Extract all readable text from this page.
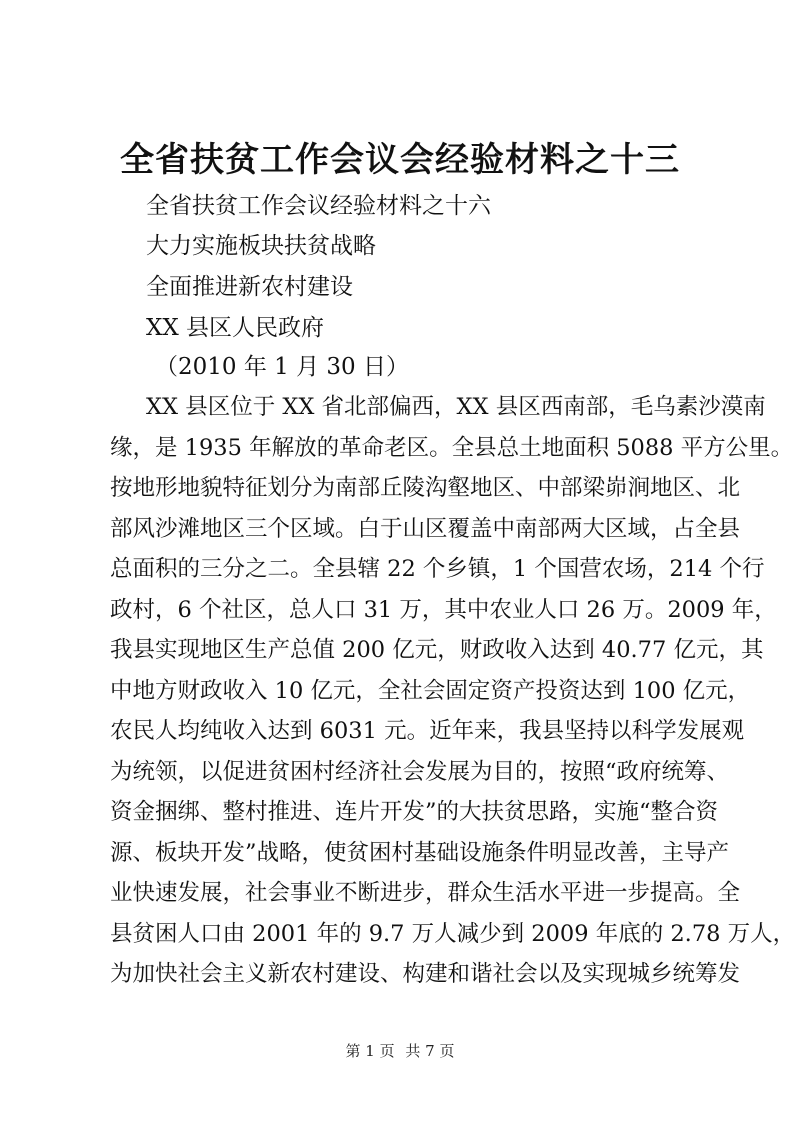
全省扶贫工作会议会经验材料之十三
全省扶贫工作会议经验材料之十六
大力实施板块扶贫战略
全面推进新农村建设
XX 县区人民政府
（2010 年 1 月 30 日）
XX 县区位于 XX 省北部偏西，XX 县区西南部，毛乌素沙漠南
缘，是 1935 年解放的革命老区。全县总土地面积 5088 平方公里。
按地形地貌特征划分为南部丘陵沟壑地区、中部梁峁涧地区、北
部风沙滩地区三个区域。白于山区覆盖中南部两大区域，占全县
总面积的三分之二。全县辖 22 个乡镇，1 个国营农场，214 个行
政村，6 个社区，总人口 31 万，其中农业人口 26 万。2009 年，
我县实现地区生产总值 200 亿元，财政收入达到 40.77 亿元，其
中地方财政收入 10 亿元，全社会固定资产投资达到 100 亿元，
农民人均纯收入达到 6031 元。近年来，我县坚持以科学发展观
为统领，以促进贫困村经济社会发展为目的，按照“政府统筹、
资金捆绑、整村推进、连片开发”的大扶贫思路，实施“整合资
源、板块开发”战略，使贫困村基础设施条件明显改善，主导产
业快速发展，社会事业不断进步，群众生活水平进一步提高。全
县贫困人口由 2001 年的 9.7 万人减少到 2009 年底的 2.78 万人，
为加快社会主义新农村建设、构建和谐社会以及实现城乡统筹发
第 1 页 共 7 页
